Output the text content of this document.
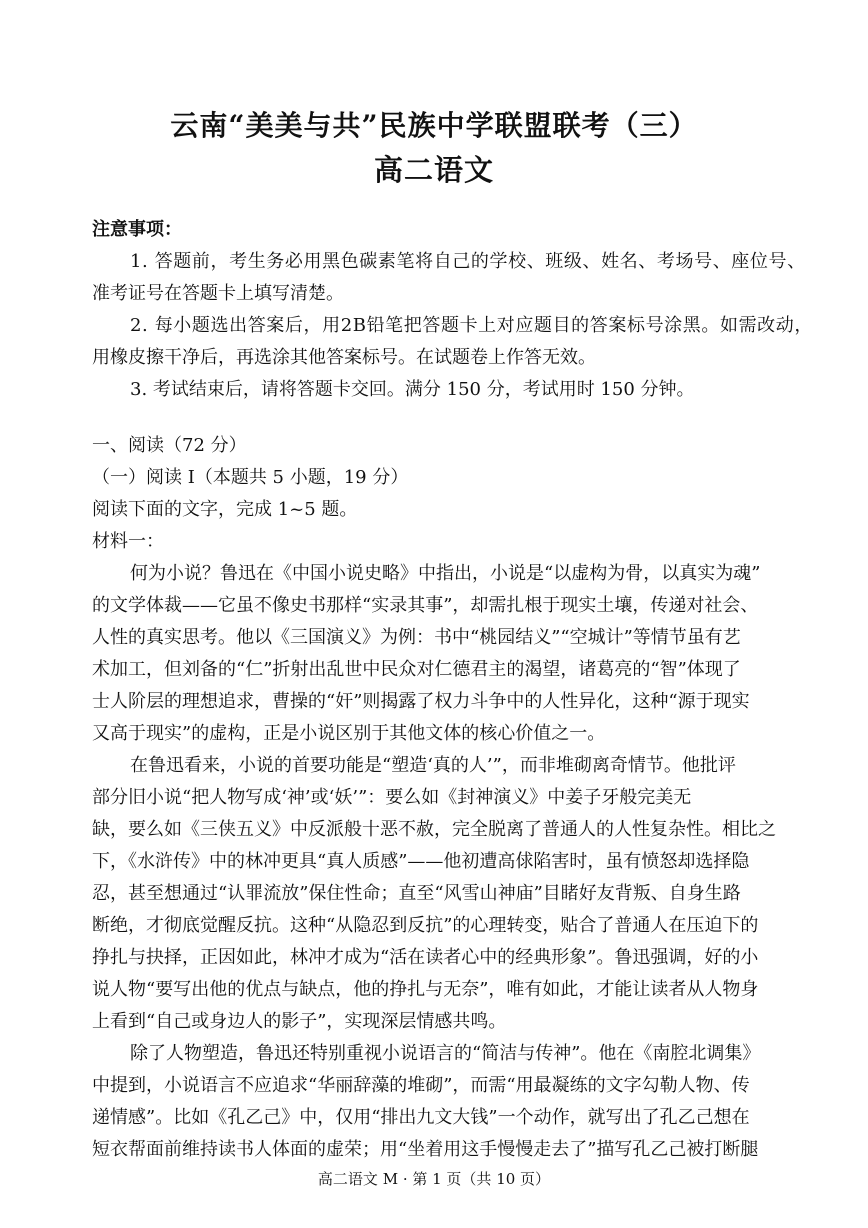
云南“美美与共”民族中学联盟联考（三）
高二语文
注意事项：
1. 答题前，考生务必用黑色碳素笔将自己的学校、班级、姓名、考场号、座位号、
准考证号在答题卡上填写清楚。
2. 每小题选出答案后，用2B铅笔把答题卡上对应题目的答案标号涂黑。如需改动，
用橡皮擦干净后，再选涂其他答案标号。在试题卷上作答无效。
3. 考试结束后，请将答题卡交回。满分 150 分，考试用时 150 分钟。
一、阅读（72 分）
（一）阅读 I（本题共 5 小题，19 分）
阅读下面的文字，完成 1~5 题。
材料一：
何为小说？鲁迅在《中国小说史略》中指出，小说是“以虚构为骨，以真实为魂”
的文学体裁——它虽不像史书那样“实录其事”，却需扎根于现实土壤，传递对社会、
人性的真实思考。他以《三国演义》为例：书中“桃园结义”“空城计”等情节虽有艺
术加工，但刘备的“仁”折射出乱世中民众对仁德君主的渴望，诸葛亮的“智”体现了
士人阶层的理想追求，曹操的“奸”则揭露了权力斗争中的人性异化，这种“源于现实
又高于现实”的虚构，正是小说区别于其他文体的核心价值之一。
在鲁迅看来，小说的首要功能是“塑造‘真的人’”，而非堆砌离奇情节。他批评
部分旧小说“把人物写成‘神’或‘妖’”：要么如《封神演义》中姜子牙般完美无
缺，要么如《三侠五义》中反派般十恶不赦，完全脱离了普通人的人性复杂性。相比之
下，《水浒传》中的林冲更具“真人质感”——他初遭高俅陷害时，虽有愤怒却选择隐
忍，甚至想通过“认罪流放”保住性命；直至“风雪山神庙”目睹好友背叛、自身生路
断绝，才彻底觉醒反抗。这种“从隐忍到反抗”的心理转变，贴合了普通人在压迫下的
挣扎与抉择，正因如此，林冲才成为“活在读者心中的经典形象”。鲁迅强调，好的小
说人物“要写出他的优点与缺点，他的挣扎与无奈”，唯有如此，才能让读者从人物身
上看到“自己或身边人的影子”，实现深层情感共鸣。
除了人物塑造，鲁迅还特别重视小说语言的“简洁与传神”。他在《南腔北调集》
中提到，小说语言不应追求“华丽辞藻的堆砌”，而需“用最凝练的文字勾勒人物、传
递情感”。比如《孔乙己》中，仅用“排出九文大钱”一个动作，就写出了孔乙己想在
短衣帮面前维持读书人体面的虚荣；用“坐着用这手慢慢走去了”描写孔乙己被打断腿
高二语文 M · 第 1 页（共 10 页）
